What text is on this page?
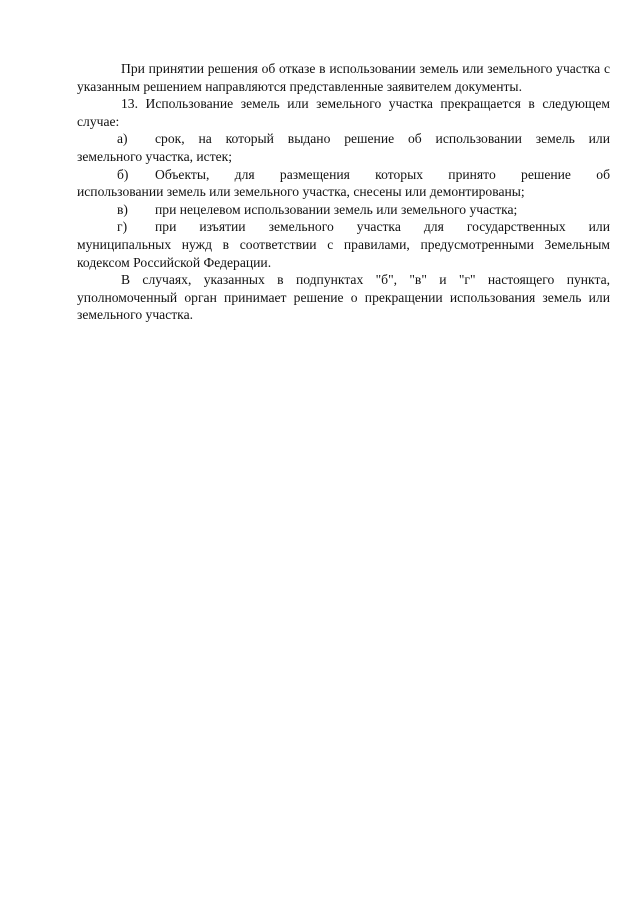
При принятии решения об отказе в использовании земель или земельного участка с указанным решением направляются представленные заявителем документы.

13. Использование земель или земельного участка прекращается в следующем случае:

а)	срок, на который выдано решение об использовании земель или

земельного участка, истек;

б)	Объекты, для размещения которых принято решение об

использовании земель или земельного участка, снесены или демонтированы;

в)	при нецелевом использовании земель или земельного участка;
г)	при изъятии земельного участка для государственных или

муниципальных нужд в соответствии с правилами, предусмотренными Земельным кодексом Российской Федерации.

В случаях, указанных в подпунктах "б", "в" и "г" настоящего пункта, уполномоченный орган принимает решение о прекращении использования земель или земельного участка.
